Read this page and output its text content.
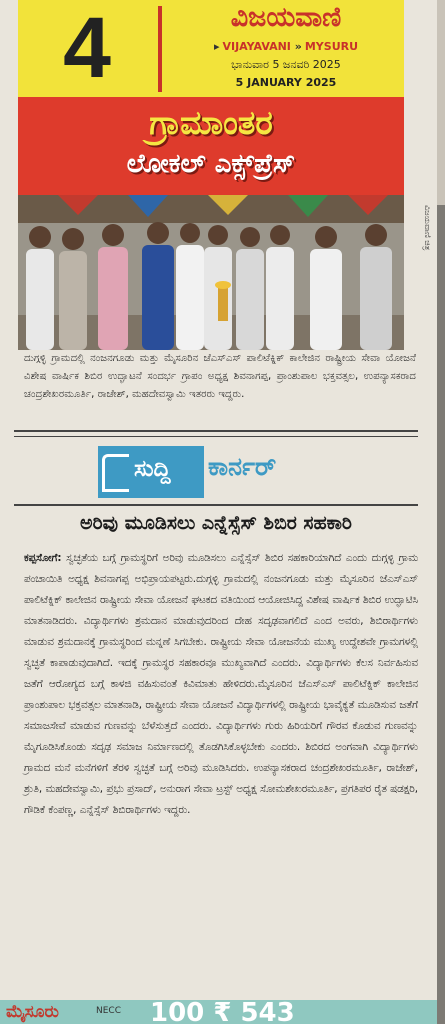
4	ವಿಜಯವಾಣಿ
▸ VIJAYAVANI » MYSURU
ಭಾನುವಾರ 5 ಜನವರಿ 2025
5 JANUARY 2025
ಗ್ರಾಮಾಂತರ
ಲೋಕಲ್ ಎಕ್ಸ್‌ಪ್ರೆಸ್
ವಿಜಯವಾಣಿ ಚಿತ್ರ
ದುಗ್ಗಳ್ಳಿ ಗ್ರಾಮದಲ್ಲಿ ನಂಜನಗೂಡು ಮತ್ತು ಮೈಸೂರಿನ ಜೆಎಸ್‌ಎಸ್ ಪಾಲಿಟೆಕ್ನಿಕ್ ಕಾಲೇಜಿನ ರಾಷ್ಟ್ರೀಯ ಸೇವಾ ಯೋಜನೆ ವಿಶೇಷ ವಾರ್ಷಿಕ ಶಿಬಿರ ಉದ್ಘಾಟನೆ ಸಂದರ್ಭ ಗ್ರಾಪಂ ಅಧ್ಯಕ್ಷ ಶಿವನಾಗಪ್ಪ, ಪ್ರಾಂಶುಪಾಲ ಭಕ್ತವತ್ಸಲ, ಉಪನ್ಯಾಸಕರಾದ ಚಂದ್ರಶೇಖರಮೂರ್ತಿ, ರಾಜೇಶ್, ಮಹದೇವಸ್ವಾಮಿ ಇತರರು ಇದ್ದರು.
ಸುದ್ದಿ ಕಾರ್ನರ್
ಅರಿವು ಮೂಡಿಸಲು ಎನ್ನೆಸ್ಸೆಸ್ ಶಿಬಿರ ಸಹಕಾರಿ
ಕಪ್ಪಸೋಗೆ: ಸ್ವಚ್ಛತೆಯ ಬಗ್ಗೆ ಗ್ರಾಮಸ್ಥರಿಗೆ ಅರಿವು ಮೂಡಿಸಲು ಎನ್ನೆಸ್ಸೆಸ್ ಶಿಬಿರ ಸಹಕಾರಿಯಾಗಿದೆ ಎಂದು ದುಗ್ಗಳ್ಳಿ ಗ್ರಾಮ ಪಂಚಾಯಿತಿ ಅಧ್ಯಕ್ಷ ಶಿವನಾಗಪ್ಪ ಅಭಿಪ್ರಾಯಪಟ್ಟರು.ದುಗ್ಗಳ್ಳಿ ಗ್ರಾಮದಲ್ಲಿ ನಂಜನಗೂಡು ಮತ್ತು ಮೈಸೂರಿನ ಜೆಎಸ್‌ಎಸ್ ಪಾಲಿಟೆಕ್ನಿಕ್ ಕಾಲೇಜಿನ ರಾಷ್ಟ್ರೀಯ ಸೇವಾ ಯೋಜನೆ ಘಟಕದ ವತಿಯಿಂದ ಆಯೋಜಿಸಿದ್ದ ವಿಶೇಷ ವಾರ್ಷಿಕ ಶಿಬಿರ ಉದ್ಘಾಟಿಸಿ ಮಾತನಾಡಿದರು. ವಿದ್ಯಾರ್ಥಿಗಳು ಶ್ರಮದಾನ ಮಾಡುವುದರಿಂದ ದೇಹ ಸದೃಢವಾಗಲಿದೆ ಎಂದ ಅವರು, ಶಿಬಿರಾರ್ಥಿಗಳು ಮಾಡುವ ಶ್ರಮದಾನಕ್ಕೆ ಗ್ರಾಮಸ್ಥರಿಂದ ಮನ್ನಣೆ ಸಿಗಬೇಕು. ರಾಷ್ಟ್ರೀಯ ಸೇವಾ ಯೋಜನೆಯ ಮುಖ್ಯ ಉದ್ದೇಶವೇ ಗ್ರಾಮಗಳಲ್ಲಿ ಸ್ವಚ್ಛತೆ ಕಾಪಾಡುವುದಾಗಿದೆ. ಇದಕ್ಕೆ ಗ್ರಾಮಸ್ಥರ ಸಹಕಾರವೂ ಮುಖ್ಯವಾಗಿದೆ ಎಂದರು. ವಿದ್ಯಾರ್ಥಿಗಳು ಕೆಲಸ ನಿರ್ವಹಿಸುವ ಜತೆಗೆ ಆರೋಗ್ಯದ ಬಗ್ಗೆ ಕಾಳಜಿ ವಹಿಸುವಂತೆ ಕಿವಿಮಾತು ಹೇಳಿದರು.ಮೈಸೂರಿನ ಜೆಎಸ್‌ಎಸ್ ಪಾಲಿಟೆಕ್ನಿಕ್ ಕಾಲೇಜಿನ ಪ್ರಾಂಶುಪಾಲ ಭಕ್ತವತ್ಸಲ ಮಾತನಾಡಿ, ರಾಷ್ಟ್ರೀಯ ಸೇವಾ ಯೋಜನೆ ವಿದ್ಯಾರ್ಥಿಗಳಲ್ಲಿ ರಾಷ್ಟ್ರೀಯ ಭಾವೈಕ್ಯತೆ ಮೂಡಿಸುವ ಜತೆಗೆ ಸಮಾಜಸೇವೆ ಮಾಡುವ ಗುಣವನ್ನು ಬೆಳೆಸುತ್ತದೆ ಎಂದರು. ವಿದ್ಯಾರ್ಥಿಗಳು ಗುರು ಹಿರಿಯರಿಗೆ ಗೌರವ ಕೊಡುವ ಗುಣವನ್ನು ಮೈಗೂಡಿಸಿಕೊಂಡು ಸದೃಢ ಸಮಾಜ ನಿರ್ಮಾಣದಲ್ಲಿ ತೊಡಗಿಸಿಕೊಳ್ಳಬೇಕು ಎಂದರು. ಶಿಬಿರದ ಅಂಗವಾಗಿ ವಿದ್ಯಾರ್ಥಿಗಳು ಗ್ರಾಮದ ಮನೆ ಮನೆಗಳಿಗೆ ತೆರಳಿ ಸ್ವಚ್ಛತೆ ಬಗ್ಗೆ ಅರಿವು ಮೂಡಿಸಿದರು. ಉಪನ್ಯಾಸಕರಾದ ಚಂದ್ರಶೇಖರಮೂರ್ತಿ, ರಾಜೇಶ್, ಶ್ರುತಿ, ಮಹದೇವಸ್ವಾಮಿ, ಪ್ರಭು ಪ್ರಸಾದ್, ಅನುರಾಗ ಸೇವಾ ಟ್ರಸ್ಟ್ ಅಧ್ಯಕ್ಷ ಸೋಮಶೇಖರಮೂರ್ತಿ, ಪ್ರಗತಿಪರ ರೈತ ಷಡಕ್ಷರಿ, ಗೌಡಿಕೆ ಕೆಂಪಣ್ಣ, ಎನ್ನೆಸ್ಸೆಸ್ ಶಿಬಿರಾರ್ಥಿಗಳು ಇದ್ದರು.
ಮೈಸೂರು	NECC 100 ₹ 543
